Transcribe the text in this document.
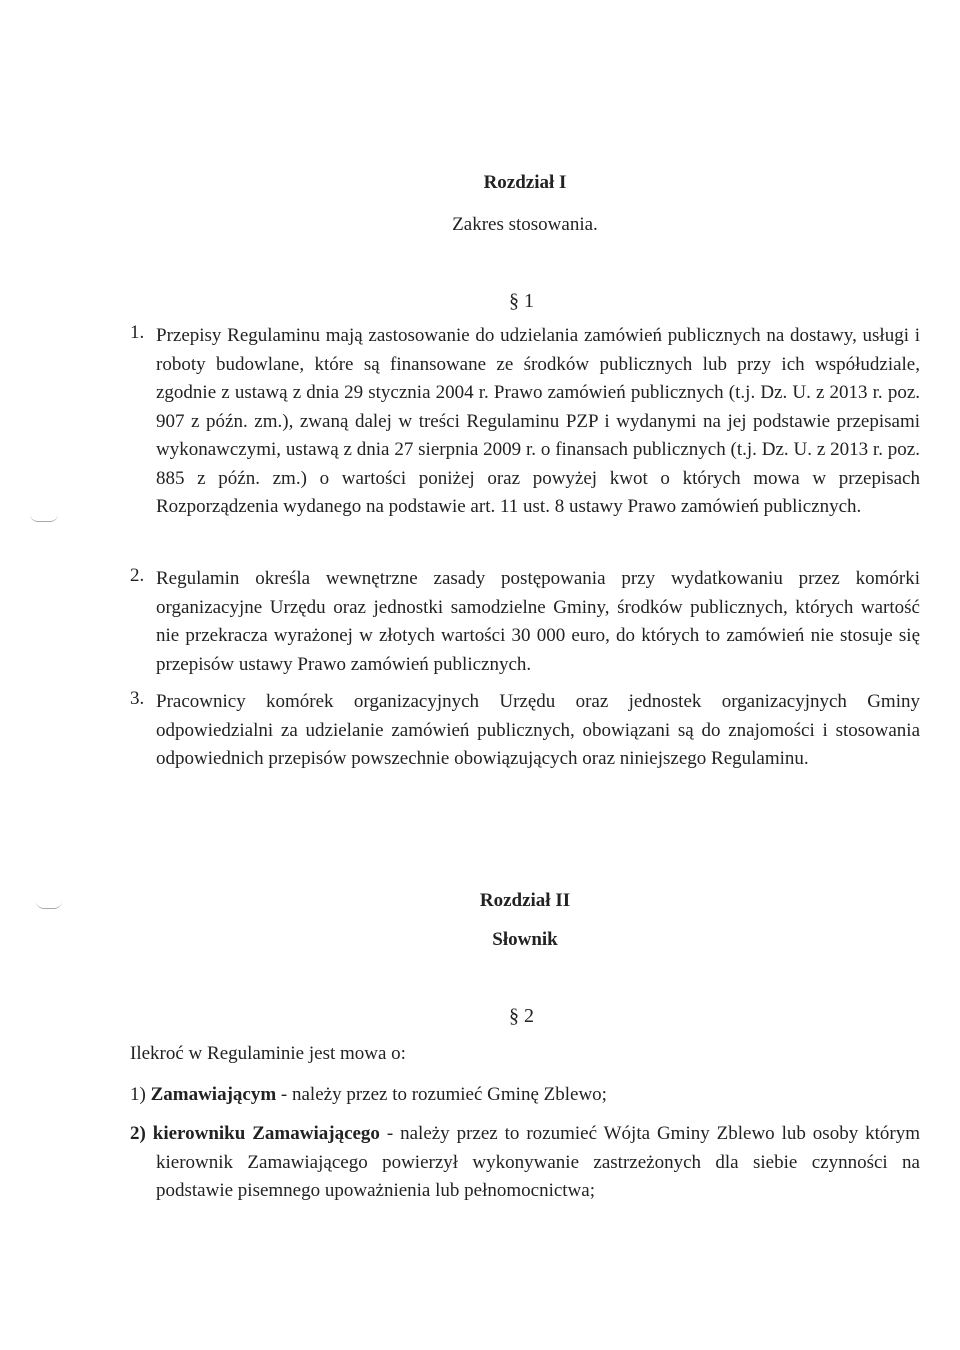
Rozdział I
Zakres stosowania.
§ 1
1. Przepisy Regulaminu mają zastosowanie do udzielania zamówień publicznych na dostawy, usługi i roboty budowlane, które są finansowane ze środków publicznych lub przy ich współudziale, zgodnie z ustawą z dnia 29 stycznia 2004 r. Prawo zamówień publicznych (t.j. Dz. U. z 2013 r. poz. 907 z późn. zm.), zwaną dalej w treści Regulaminu PZP i wydanymi na jej podstawie przepisami wykonawczymi, ustawą z dnia 27 sierpnia 2009 r. o finansach publicznych (t.j. Dz. U. z 2013 r. poz. 885 z późn. zm.) o wartości poniżej oraz powyżej kwot o których mowa w przepisach Rozporządzenia wydanego na podstawie art. 11 ust. 8 ustawy Prawo zamówień publicznych.
2. Regulamin określa wewnętrzne zasady postępowania przy wydatkowaniu przez komórki organizacyjne Urzędu oraz jednostki samodzielne Gminy, środków publicznych, których wartość nie przekracza wyrażonej w złotych wartości 30 000 euro, do których to zamówień nie stosuje się przepisów ustawy Prawo zamówień publicznych.
3. Pracownicy komórek organizacyjnych Urzędu oraz jednostek organizacyjnych Gminy odpowiedzialni za udzielanie zamówień publicznych, obowiązani są do znajomości i stosowania odpowiednich przepisów powszechnie obowiązujących oraz niniejszego Regulaminu.
Rozdział II
Słownik
§ 2
Ilekroć w Regulaminie jest mowa o:
1) Zamawiającym - należy przez to rozumieć Gminę Zblewo;
2) kierowniku Zamawiającego - należy przez to rozumieć Wójta Gminy Zblewo lub osoby którym kierownik Zamawiającego powierzył wykonywanie zastrzeżonych dla siebie czynności na podstawie pisemnego upoważnienia lub pełnomocnictwa;
